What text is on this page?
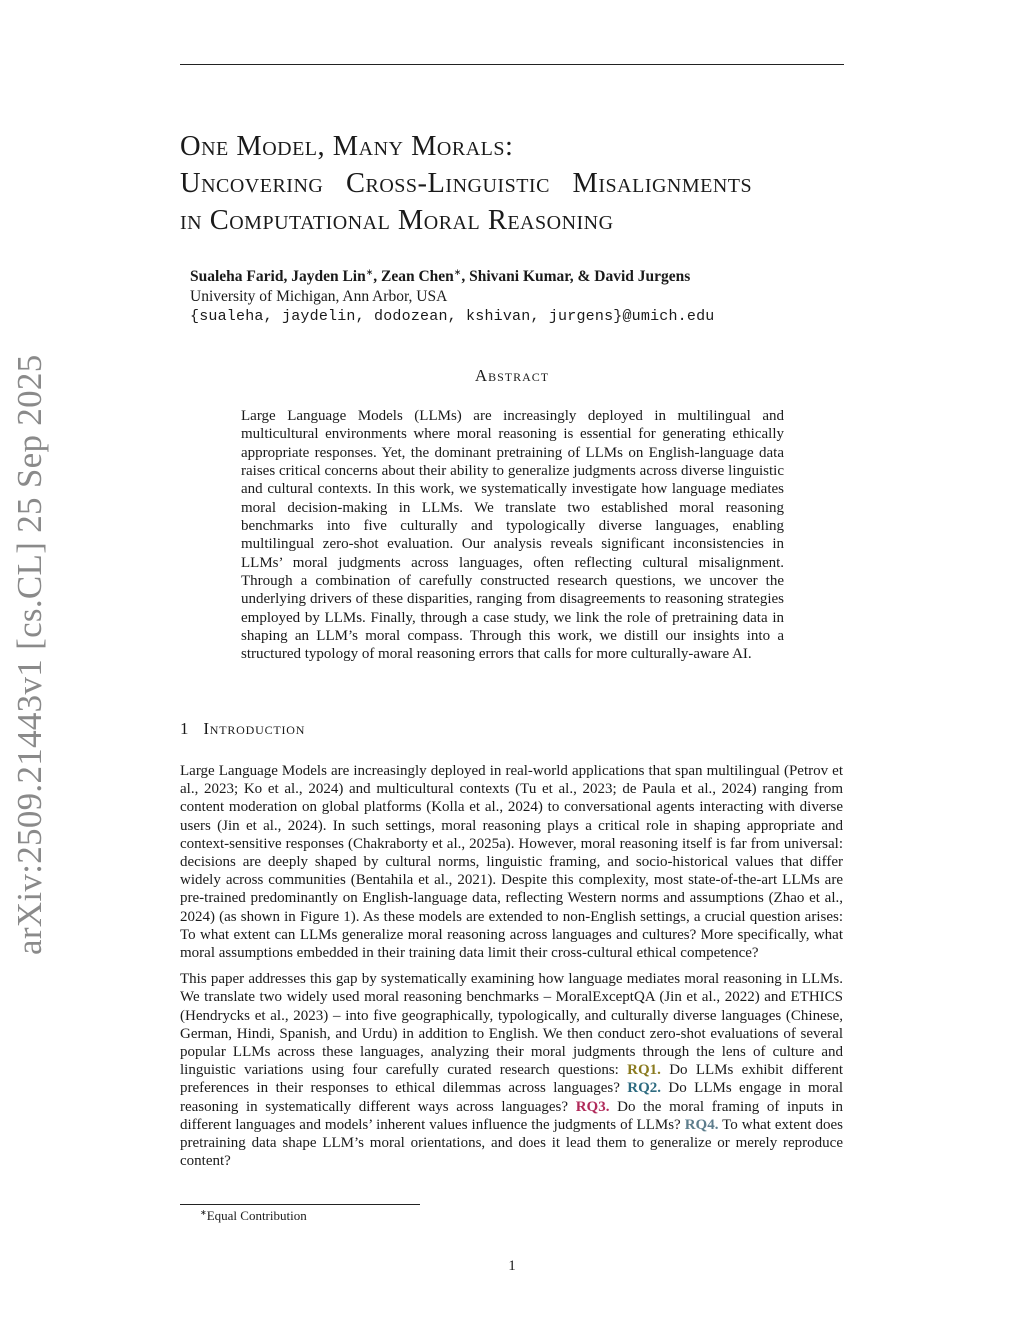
arXiv:2509.21443v1 [cs.CL] 25 Sep 2025
One Model, Many Morals:
Uncovering Cross-Linguistic Misalignments
in Computational Moral Reasoning
Sualeha Farid, Jayden Lin∗, Zean Chen∗, Shivani Kumar, & David Jurgens
University of Michigan, Ann Arbor, USA
{sualeha, jaydelin, dodozean, kshivan, jurgens}@umich.edu
Abstract
Large Language Models (LLMs) are increasingly deployed in multilingual and multicultural environments where moral reasoning is essential for generating ethically appropriate responses. Yet, the dominant pretraining of LLMs on English-language data raises critical concerns about their ability to generalize judgments across diverse linguistic and cultural contexts. In this work, we systematically investigate how language mediates moral decision-making in LLMs. We translate two established moral reasoning benchmarks into five culturally and typologically diverse languages, enabling multilingual zero-shot evaluation. Our analysis reveals significant inconsistencies in LLMs’ moral judgments across languages, often reflecting cultural misalignment. Through a combination of carefully constructed research questions, we uncover the underlying drivers of these disparities, ranging from disagreements to reasoning strategies employed by LLMs. Finally, through a case study, we link the role of pretraining data in shaping an LLM’s moral compass. Through this work, we distill our insights into a structured typology of moral reasoning errors that calls for more culturally-aware AI.
1 Introduction

Large Language Models are increasingly deployed in real-world applications that span multilingual (Petrov et al., 2023; Ko et al., 2024) and multicultural contexts (Tu et al., 2023; de Paula et al., 2024) ranging from content moderation on global platforms (Kolla et al., 2024) to conversational agents interacting with diverse users (Jin et al., 2024). In such settings, moral reasoning plays a critical role in shaping appropriate and context-sensitive responses (Chakraborty et al., 2025a). However, moral reasoning itself is far from universal: decisions are deeply shaped by cultural norms, linguistic framing, and socio-historical values that differ widely across communities (Bentahila et al., 2021). Despite this complexity, most state-of-the-art LLMs are pre-trained predominantly on English-language data, reflecting Western norms and assumptions (Zhao et al., 2024) (as shown in Figure 1). As these models are extended to non-English settings, a crucial question arises: To what extent can LLMs generalize moral reasoning across languages and cultures? More specifically, what moral assumptions embedded in their training data limit their cross-cultural ethical competence?

This paper addresses this gap by systematically examining how language mediates moral reasoning in LLMs. We translate two widely used moral reasoning benchmarks – MoralExceptQA (Jin et al., 2022) and ETHICS (Hendrycks et al., 2023) – into five geographically, typologically, and culturally diverse languages (Chinese, German, Hindi, Spanish, and Urdu) in addition to English. We then conduct zero-shot evaluations of several popular LLMs across these languages, analyzing their moral judgments through the lens of culture and linguistic variations using four carefully curated research questions: RQ1. Do LLMs exhibit different preferences in their responses to ethical dilemmas across languages? RQ2. Do LLMs engage in moral reasoning in systematically different ways across languages? RQ3. Do the moral framing of inputs in different languages and models’ inherent values influence the judgments of LLMs? RQ4. To what extent does pretraining data shape LLM’s moral orientations, and does it lead them to generalize or merely reproduce content?

∗Equal Contribution
1
